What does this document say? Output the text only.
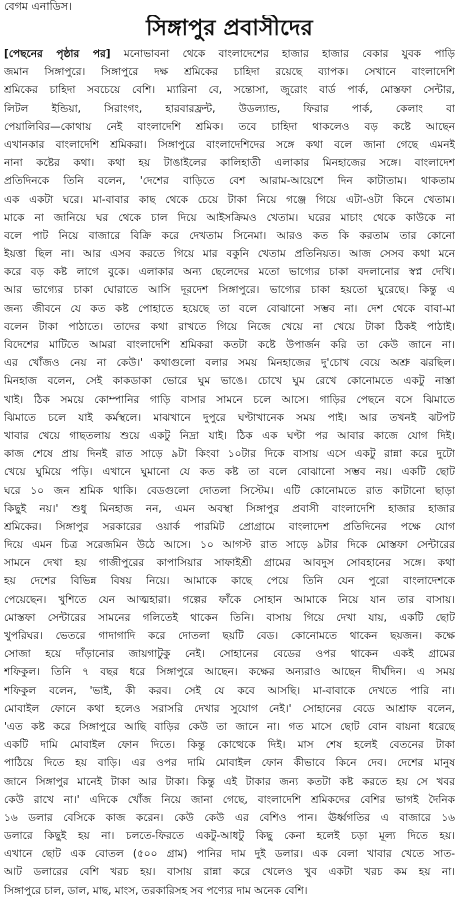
বেগম এনাডিস।
সিঙ্গাপুর প্রবাসীদের
[পেছনের পৃষ্ঠার পর] মনোভাবনা থেকে বাংলাদেশের হাজার হাজার বেকার যুবক পাড়ি
জমান সিঙ্গাপুরে। সিঙ্গাপুরে দক্ষ শ্রমিকের চাহিদা রয়েছে ব্যাপক। সেখানে বাংলাদেশি
শ্রমিকের চাহিদা সবচেয়ে বেশি। ম্যারিনা বে, সন্তোসা, জুরোং বার্ড পার্ক, মোস্তফা সেন্টার,
লিটল ইন্ডিয়া, সিরাংগং, হারবারফ্রন্ট, উডল্যান্ড, ফিরার পার্ক, কেলাং বা
পেয়ালিবির—কোথায় নেই বাংলাদেশি শ্রমিক। তবে চাহিদা থাকলেও বড় কষ্টে আছেন
এখানকার বাংলাদেশি শ্রমিকরা। সিঙ্গাপুরে বাংলাদেশিদের সঙ্গে কথা বলে জানা গেছে এমনই
নানা কষ্টের কথা। কথা হয় টাঙাইলের কালিহাতী এলাকার মিনহাজের সঙ্গে। বাংলাদেশ
প্রতিদিনকে তিনি বলেন, 'দেশের বাড়িতে বেশ আরাম-আয়েশে দিন কাটাতাম। থাকতাম
এক একটা ঘরে। মা-বাবার কাছ থেকে চেয়ে টাকা নিয়ে গঞ্জে গিয়ে এটা-ওটা কিনে খেতাম।
মাকে না জানিয়ে ঘর থেকে চাল দিয়ে আইসক্রিমও খেতাম। ঘরের মাচাং থেকে কাউকে না
বলে পাট নিয়ে বাজারে বিক্রি করে দেখতাম সিনেমা। আরও কত কি করতাম তার কোনো
ইয়ত্তা ছিল না। আর এসব করতে গিয়ে মার বকুনি খেতাম প্রতিনিয়ত। আজ সেসব কথা মনে
করে বড় কষ্ট লাগে বুকে। এলাকার অন্য ছেলেদের মতো ভাগ্যের চাকা বদলানোর স্বপ্ন দেখি।
আর ভাগ্যের চাকা ঘোরাতে আসি দূরদেশ সিঙ্গাপুরে। ভাগ্যের চাকা হয়তো ঘুরেছে। কিন্তু এ
জন্য জীবনে যে কত কষ্ট পোহাতে হয়েছে তা বলে বোঝানো সম্ভব না। দেশ থেকে বাবা-মা
বলেন টাকা পাঠাতে। তাদের কথা রাখতে গিয়ে নিজে খেয়ে না খেয়ে টাকা ঠিকই পাঠাই।
বিদেশের মাটিতে আমরা বাংলাদেশি শ্রমিকরা কতটা কষ্টে উপার্জন করি তা কেউ জানে না।
এর খোঁজও নেয় না কেউ।' কথাগুলো বলার সময় মিনহাজের দু'চোখ বেয়ে অশ্রু ঝরছিল।
মিনহাজ বলেন, সেই কাকডাকা ভোরে ঘুম ভাঙে। চোখে ঘুম রেখে কোনোমতে একটু নাস্তা
খাই। ঠিক সময়ে কোম্পানির গাড়ি বাসার সামনে চলে আসে। গাড়ির পেছনে বসে ঝিমাতে
ঝিমাতে চলে যাই কর্মস্থলে। মাঝখানে দুপুরে ঘণ্টাখানেক সময় পাই। আর তখনই ঝটপট
খাবার খেয়ে গাছতলায় শুয়ে একটু নিদ্রা যাই। ঠিক এক ঘণ্টা পর আবার কাজে যোগ দিই।
কাজ শেষে প্রায় দিনই রাত সাড়ে ৯টা কিংবা ১০টার দিকে বাসায় এসে একটু রান্না করে দুটো
খেয়ে ঘুমিয়ে পড়ি। এখানে ঘুমানো যে কত কষ্ট তা বলে বোঝানো সম্ভব নয়। একটি ছোট
ঘরে ১০ জন শ্রমিক থাকি। বেডগুলো দোতলা সিস্টেম। এটি কোনোমতে রাত কাটানো ছাড়া
কিছুই নয়।' শুধু মিনহাজ নন, এমন অবস্থা সিঙ্গাপুর প্রবাসী বাংলাদেশি হাজার হাজার
শ্রমিকের। সিঙ্গাপুর সরকারের ওয়ার্ক পারমিট প্রোগ্রামে বাংলাদেশ প্রতিদিনের পক্ষে যোগ
দিয়ে এমন চিত্র সরেজমিন উঠে আসে। ১০ আগস্ট রাত সাড়ে ৯টার দিকে মোস্তফা সেন্টারের
সামনে দেখা হয় গাজীপুরের কাপাসিয়ার সাফাইশ্রী গ্রামের আবদুস সোবহানের সঙ্গে। কথা
হয় দেশের বিভিন্ন বিষয় নিয়ে। আমাকে কাছে পেয়ে তিনি যেন পুরো বাংলাদেশকে
পেয়েছেন। খুশিতে যেন আত্মহারা। গল্পের ফাঁকে সোহান আমাকে নিয়ে যান তার বাসায়।
মোস্তফা সেন্টারের সামনের গলিতেই থাকেন তিনি। বাসায় গিয়ে দেখা যায়, একটি ছোট
খুপরিঘর। ভেতরে গাদাগাদি করে দোতলা ছয়টি বেড। কোনোমতে থাকেন ছয়জন। কক্ষে
সোজা হয়ে দাঁড়ানোর জায়গাটুকু নেই। সোহানের বেডের ওপর থাকেন একই গ্রামের
শফিকুল। তিনি ৭ বছর ধরে সিঙ্গাপুরে আছেন। কক্ষের অন্যরাও আছেন দীর্ঘদিন। এ সময়
শফিকুল বলেন, 'ভাই, কী করব। সেই যে কবে আসছি। মা-বাবাকে দেখতে পারি না।
মোবাইল ফোনে কথা হলেও সরাসরি দেখার সুযোগ নেই।' সোহানের বেডে আশ্রাফ বলেন,
'এত কষ্ট করে সিঙ্গাপুরে আছি বাড়ির কেউ তা জানে না। গত মাসে ছোট বোন বায়না ধরেছে
একটি দামি মোবাইল ফোন দিতে। কিন্তু কোত্থেকে দিই। মাস শেষ হলেই বেতনের টাকা
পাঠিয়ে দিতে হয় বাড়ি। এর ওপর দামি মোবাইল ফোন কীভাবে কিনে দেব। দেশের মানুষ
জানে সিঙ্গাপুর মানেই টাকা আর টাকা। কিন্তু এই টাকার জন্য কতটা কষ্ট করতে হয় সে খবর
কেউ রাখে না।' এদিকে খোঁজ নিয়ে জানা গেছে, বাংলাদেশি শ্রমিকদের বেশির ভাগই দৈনিক
১৬ ডলার বেসিকে কাজ করেন। কেউ কেউ এর বেশিও পান। ঊর্ধ্বগতির এ বাজারে ১৬
ডলারে কিছুই হয় না। চলতে-ফিরতে একটু-আধটু কিছু কেনা হলেই চড়া মূল্য দিতে হয়।
এখানে ছোট এক বোতল (৫০০ গ্রাম) পানির দাম দুই ডলার। এক বেলা খাবার খেতে সাত-
আট ডলারের বেশি খরচ হয়। বাসায় রান্না করে খেলেও খুব একটা খরচ কম হয় না।
সিঙ্গাপুরে চাল, ডাল, মাছ, মাংস, তরকারিসহ সব পণ্যের দাম অনেক বেশি।
